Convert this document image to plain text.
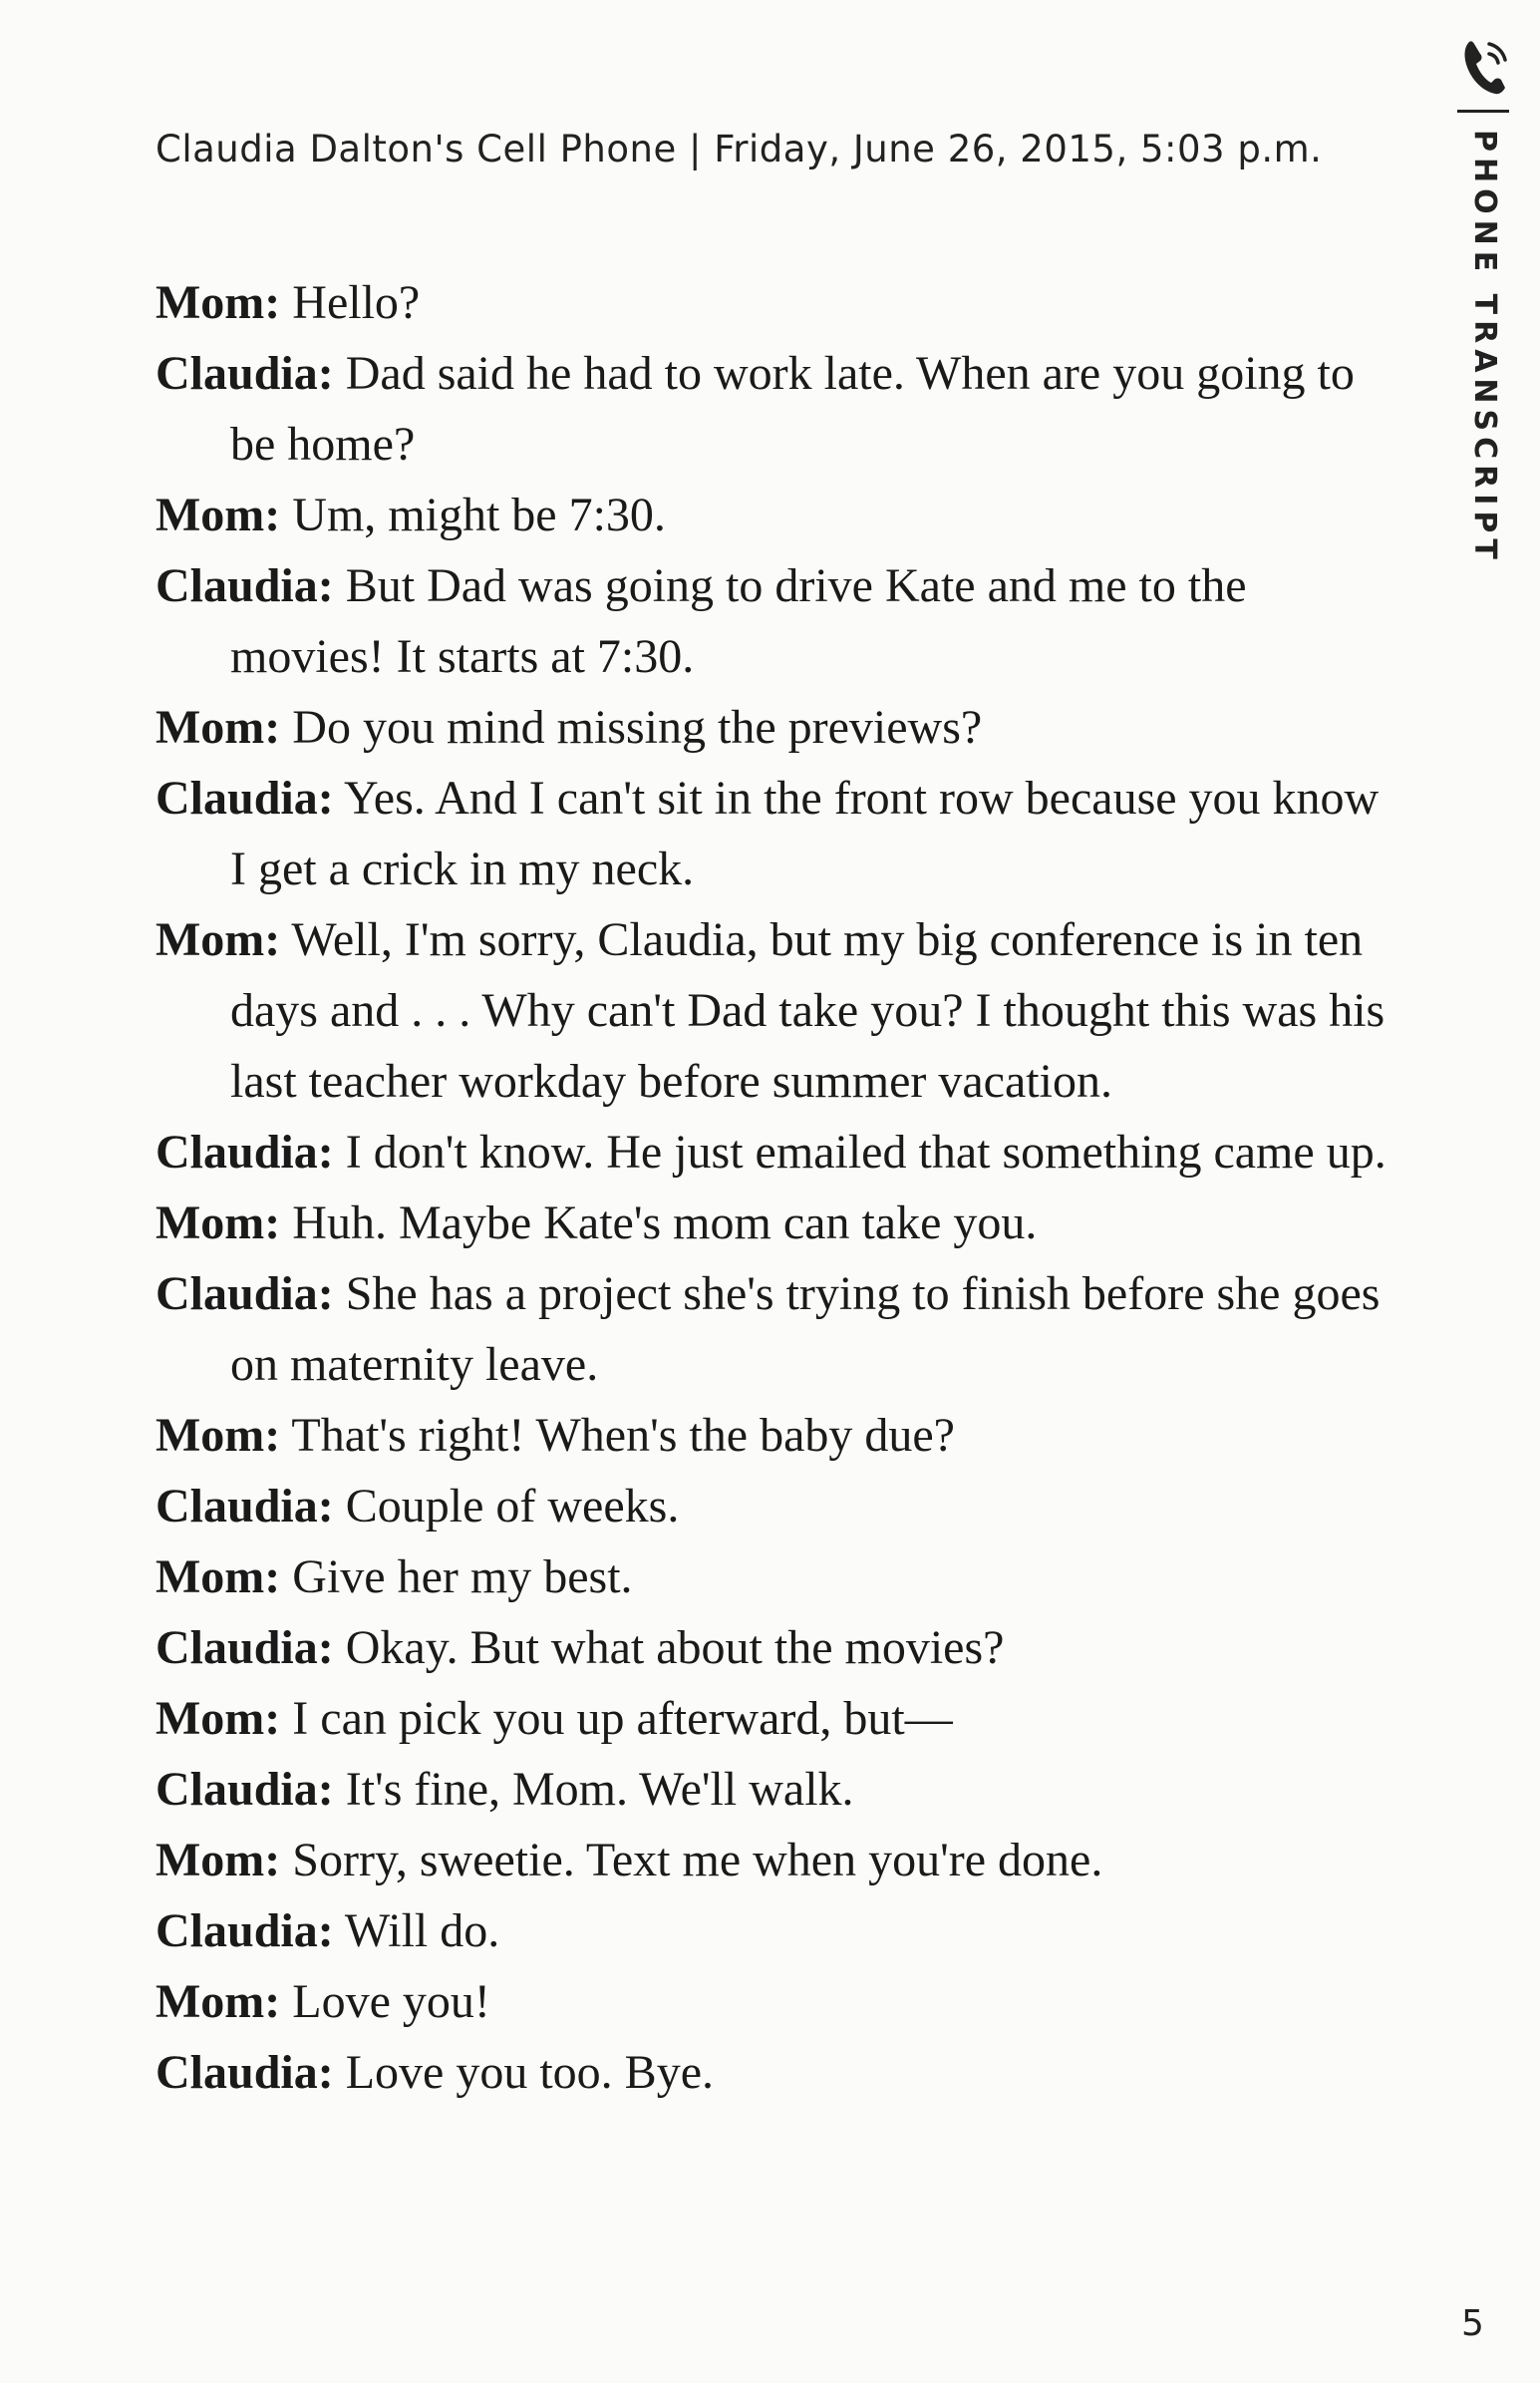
Claudia Dalton's Cell Phone | Friday, June 26, 2015, 5:03 p.m.

Mom: Hello?

Claudia: Dad said he had to work late. When are you going to be home?

Mom: Um, might be 7:30.

Claudia: But Dad was going to drive Kate and me to the movies! It starts at 7:30.

Mom: Do you mind missing the previews?

Claudia: Yes. And I can't sit in the front row because you know I get a crick in my neck.

Mom: Well, I'm sorry, Claudia, but my big conference is in ten days and . . . Why can't Dad take you? I thought this was his last teacher workday before summer vacation.

Claudia: I don't know. He just emailed that something came up.

Mom: Huh. Maybe Kate's mom can take you.

Claudia: She has a project she's trying to finish before she goes on maternity leave.

Mom: That's right! When's the baby due?

Claudia: Couple of weeks.

Mom: Give her my best.

Claudia: Okay. But what about the movies?

Mom: I can pick you up afterward, but—

Claudia: It's fine, Mom. We'll walk.

Mom: Sorry, sweetie. Text me when you're done.

Claudia: Will do.

Mom: Love you!

Claudia: Love you too. Bye.

PHONE TRANSCRIPT
5
